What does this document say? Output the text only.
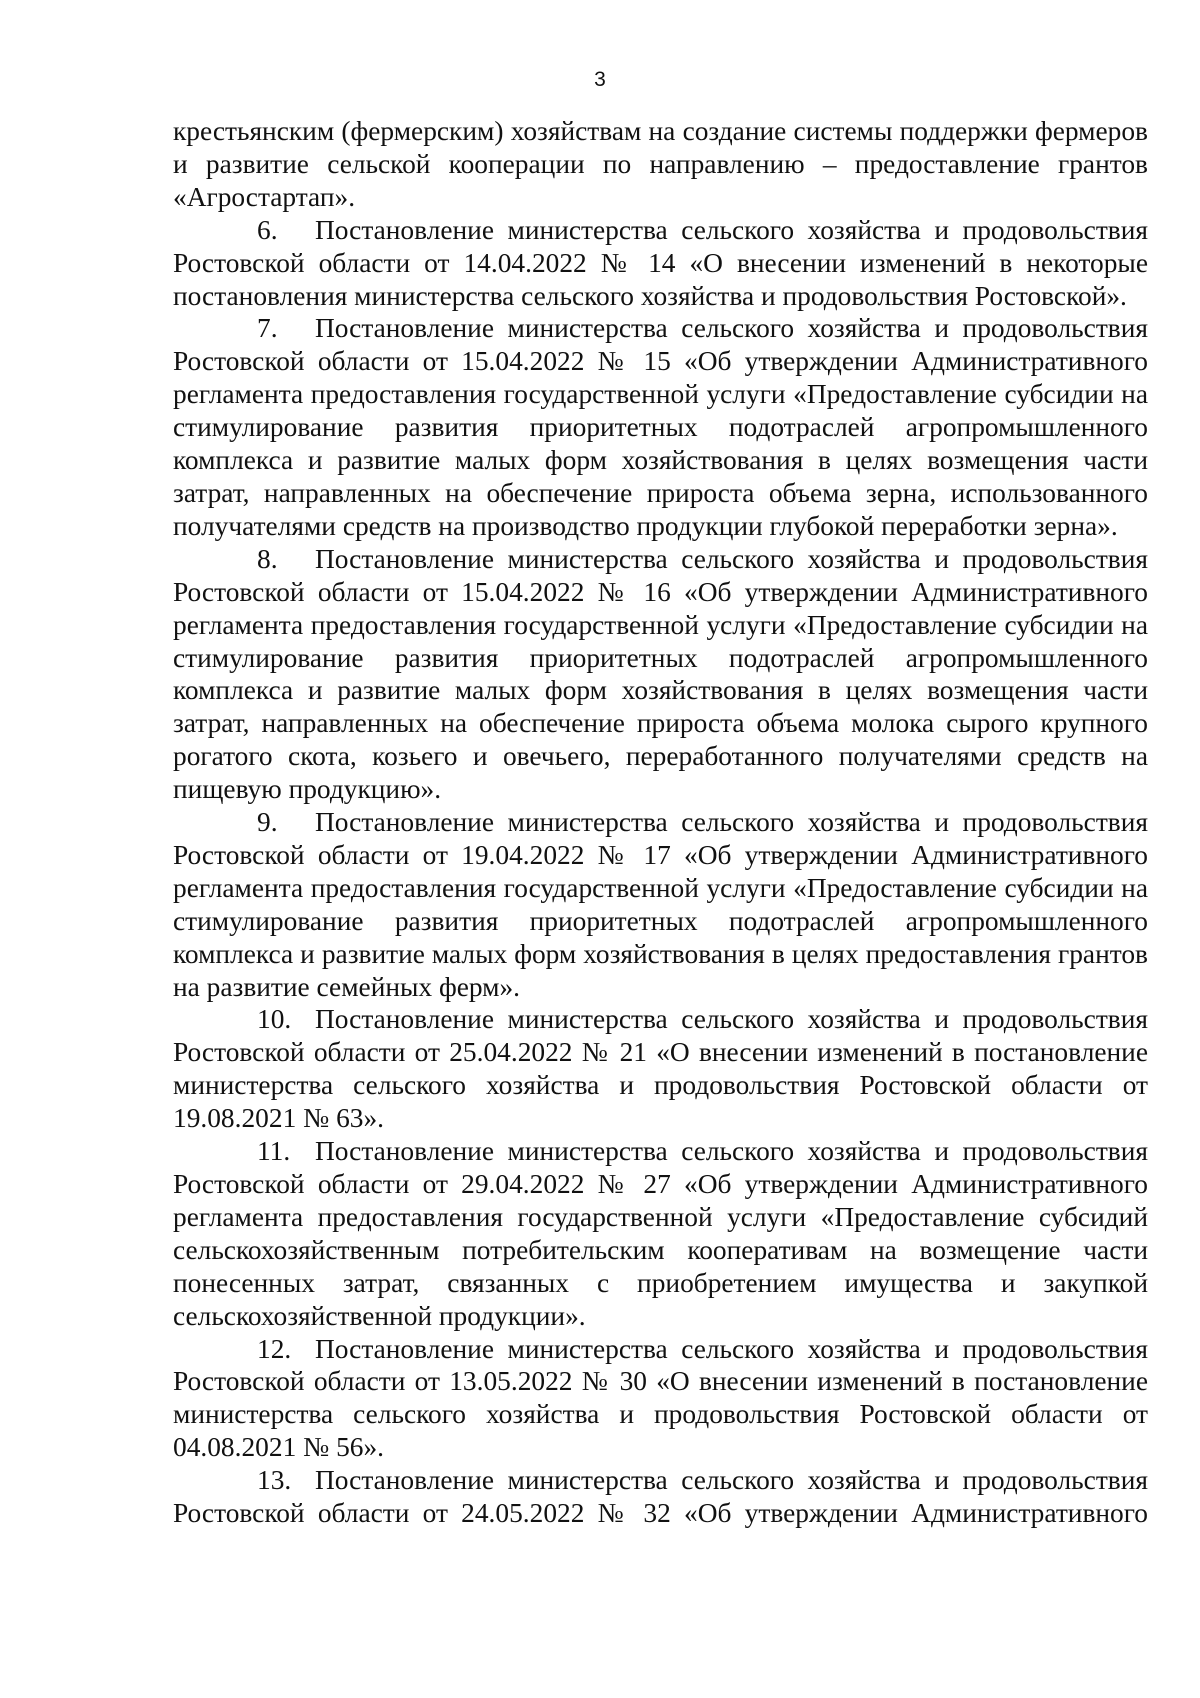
3

крестьянским (фермерским) хозяйствам на создание системы поддержки фермеров и развитие сельской кооперации по направлению – предоставление грантов «Агростартап».

6. Постановление министерства сельского хозяйства и продовольствия Ростовской области от 14.04.2022 № 14 «О внесении изменений в некоторые постановления министерства сельского хозяйства и продовольствия Ростовской».

7. Постановление министерства сельского хозяйства и продовольствия Ростовской области от 15.04.2022 № 15 «Об утверждении Административного регламента предоставления государственной услуги «Предоставление субсидии на стимулирование развития приоритетных подотраслей агропромышленного комплекса и развитие малых форм хозяйствования в целях возмещения части затрат, направленных на обеспечение прироста объема зерна, использованного получателями средств на производство продукции глубокой переработки зерна».

8. Постановление министерства сельского хозяйства и продовольствия Ростовской области от 15.04.2022 № 16 «Об утверждении Административного регламента предоставления государственной услуги «Предоставление субсидии на стимулирование развития приоритетных подотраслей агропромышленного комплекса и развитие малых форм хозяйствования в целях возмещения части затрат, направленных на обеспечение прироста объема молока сырого крупного рогатого скота, козьего и овечьего, переработанного получателями средств на пищевую продукцию».

9. Постановление министерства сельского хозяйства и продовольствия Ростовской области от 19.04.2022 № 17 «Об утверждении Административного регламента предоставления государственной услуги «Предоставление субсидии на стимулирование развития приоритетных подотраслей агропромышленного комплекса и развитие малых форм хозяйствования в целях предоставления грантов на развитие семейных ферм».

10. Постановление министерства сельского хозяйства и продовольствия Ростовской области от 25.04.2022 № 21 «О внесении изменений в постановление министерства сельского хозяйства и продовольствия Ростовской области от 19.08.2021 № 63».

11. Постановление министерства сельского хозяйства и продовольствия Ростовской области от 29.04.2022 № 27 «Об утверждении Административного регламента предоставления государственной услуги «Предоставление субсидий сельскохозяйственным потребительским кооперативам на возмещение части понесенных затрат, связанных с приобретением имущества и закупкой сельскохозяйственной продукции».

12. Постановление министерства сельского хозяйства и продовольствия Ростовской области от 13.05.2022 № 30 «О внесении изменений в постановление министерства сельского хозяйства и продовольствия Ростовской области от 04.08.2021 № 56».

13. Постановление министерства сельского хозяйства и продовольствия Ростовской области от 24.05.2022 № 32 «Об утверждении Административного
